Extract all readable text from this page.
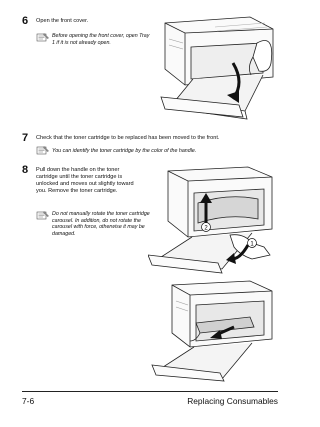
6 Open the front cover.
Before opening the front cover, open Tray 1 if it is not already open.
7 Check that the toner cartridge to be replaced has been moved to the front.
You can identify the toner cartridge by the color of the handle.
8 Pull down the handle on the toner cartridge until the toner cartridge is unlocked and moves out slightly toward you. Remove the toner cartridge.
Do not manually rotate the toner cartridge carousel. In addition, do not rotate the carousel with force, otherwise it may be damaged.
1
2
7-6	Replacing Consumables
